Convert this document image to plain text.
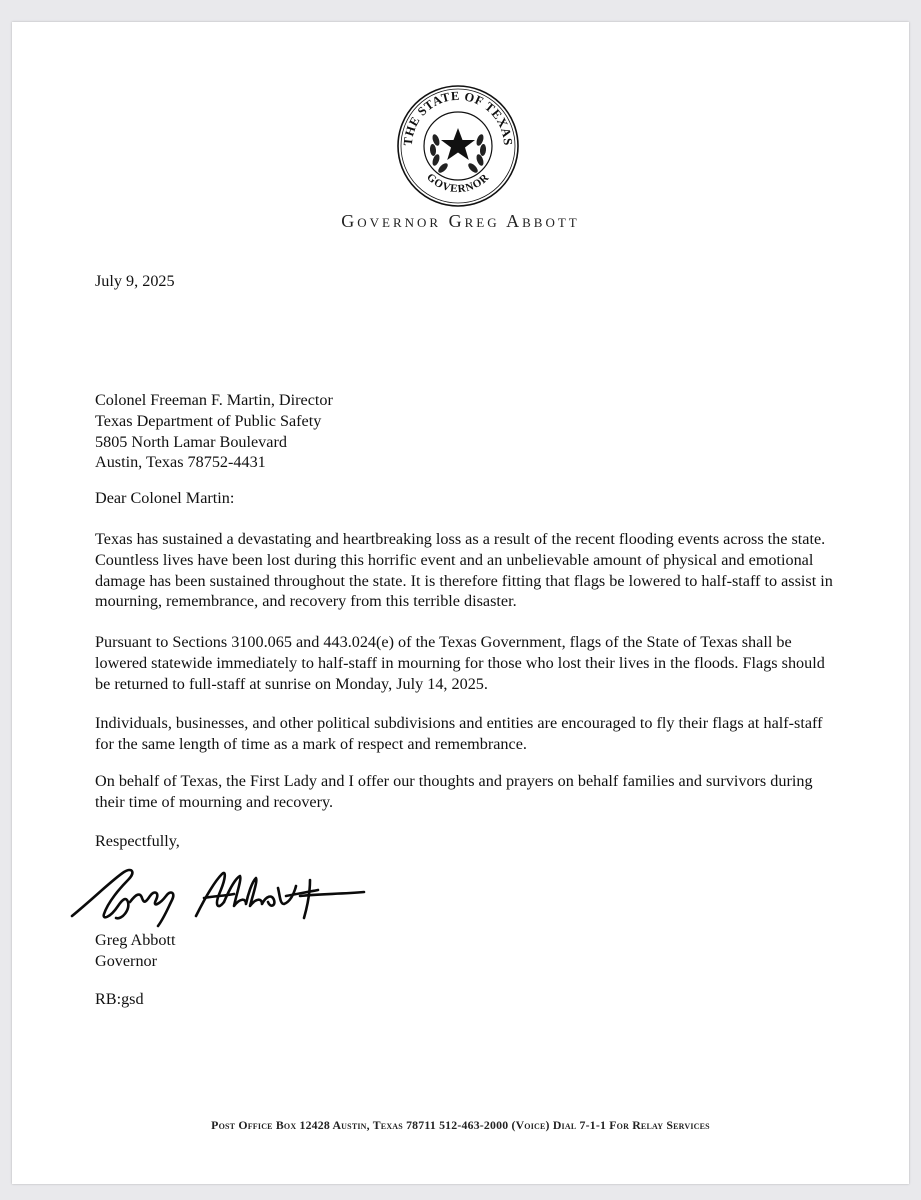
THE STATE OF TEXAS
GOVERNOR
Governor Greg Abbott
July 9, 2025
Colonel Freeman F. Martin, Director
Texas Department of Public Safety
5805 North Lamar Boulevard
Austin, Texas 78752-4431
Dear Colonel Martin:
Texas has sustained a devastating and heartbreaking loss as a result of the recent flooding events across the state. Countless lives have been lost during this horrific event and an unbelievable amount of physical and emotional damage has been sustained throughout the state. It is therefore fitting that flags be lowered to half-staff to assist in mourning, remembrance, and recovery from this terrible disaster.
Pursuant to Sections 3100.065 and 443.024(e) of the Texas Government, flags of the State of Texas shall be lowered statewide immediately to half-staff in mourning for those who lost their lives in the floods. Flags should be returned to full-staff at sunrise on Monday, July 14, 2025.
Individuals, businesses, and other political subdivisions and entities are encouraged to fly their flags at half-staff for the same length of time as a mark of respect and remembrance.
On behalf of Texas, the First Lady and I offer our thoughts and prayers on behalf families and survivors during their time of mourning and recovery.
Respectfully,
Greg Abbott
Governor
RB:gsd
Post Office Box 12428 Austin, Texas 78711 512-463-2000 (Voice) Dial 7-1-1 For Relay Services
